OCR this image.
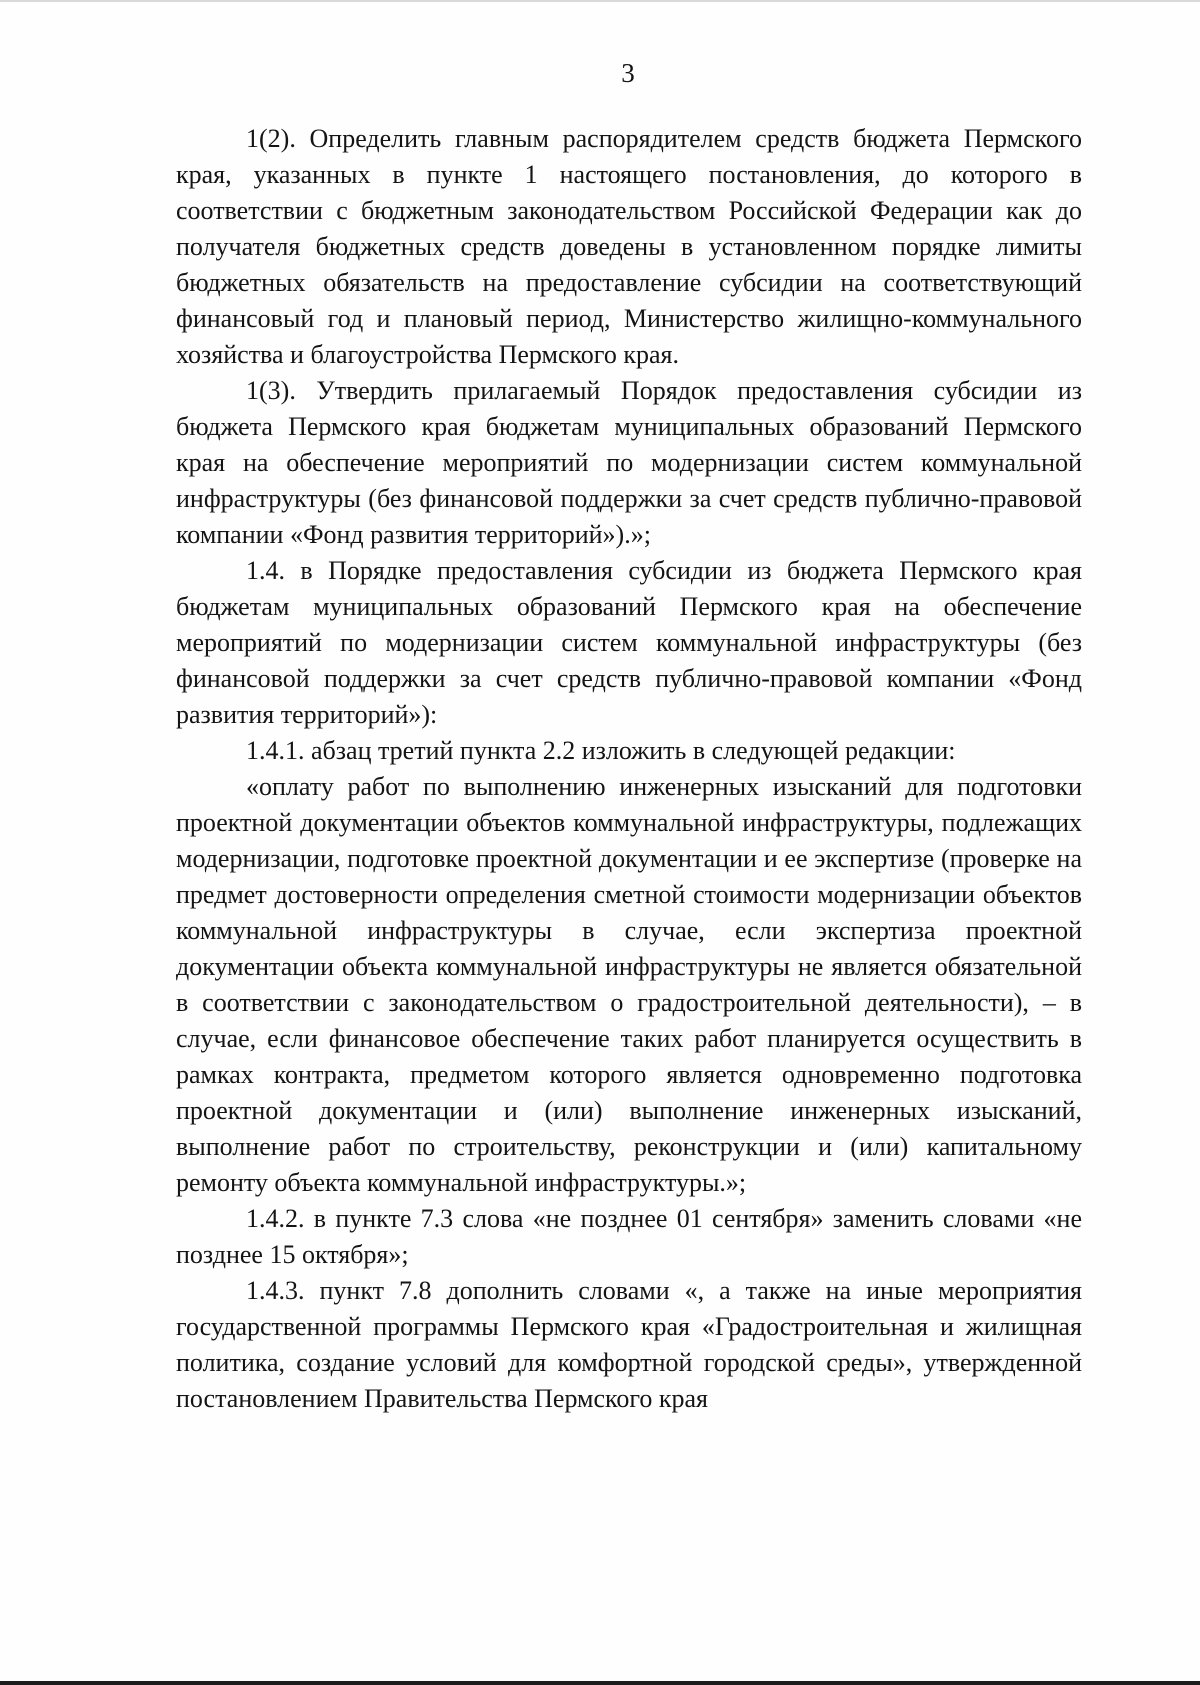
3

1(2). Определить главным распорядителем средств бюджета Пермского края, указанных в пункте 1 настоящего постановления, до которого в соответствии с бюджетным законодательством Российской Федерации как до получателя бюджетных средств доведены в установленном порядке лимиты бюджетных обязательств на предоставление субсидии на соответствующий финансовый год и плановый период, Министерство жилищно-коммунального хозяйства и благоустройства Пермского края.

1(3). Утвердить прилагаемый Порядок предоставления субсидии из бюджета Пермского края бюджетам муниципальных образований Пермского края на обеспечение мероприятий по модернизации систем коммунальной инфраструктуры (без финансовой поддержки за счет средств публично-правовой компании «Фонд развития территорий»).»;

1.4. в Порядке предоставления субсидии из бюджета Пермского края бюджетам муниципальных образований Пермского края на обеспечение мероприятий по модернизации систем коммунальной инфраструктуры (без финансовой поддержки за счет средств публично-правовой компании «Фонд развития территорий»):

1.4.1. абзац третий пункта 2.2 изложить в следующей редакции:

«оплату работ по выполнению инженерных изысканий для подготовки проектной документации объектов коммунальной инфраструктуры, подлежащих модернизации, подготовке проектной документации и ее экспертизе (проверке на предмет достоверности определения сметной стоимости модернизации объектов коммунальной инфраструктуры в случае, если экспертиза проектной документации объекта коммунальной инфраструктуры не является обязательной в соответствии с законодательством о градостроительной деятельности), – в случае, если финансовое обеспечение таких работ планируется осуществить в рамках контракта, предметом которого является одновременно подготовка проектной документации и (или) выполнение инженерных изысканий, выполнение работ по строительству, реконструкции и (или) капитальному ремонту объекта коммунальной инфраструктуры.»;

1.4.2. в пункте 7.3 слова «не позднее 01 сентября» заменить словами «не позднее 15 октября»;

1.4.3. пункт 7.8 дополнить словами «, а также на иные мероприятия государственной программы Пермского края «Градостроительная и жилищная политика, создание условий для комфортной городской среды», утвержденной постановлением Правительства Пермского края
